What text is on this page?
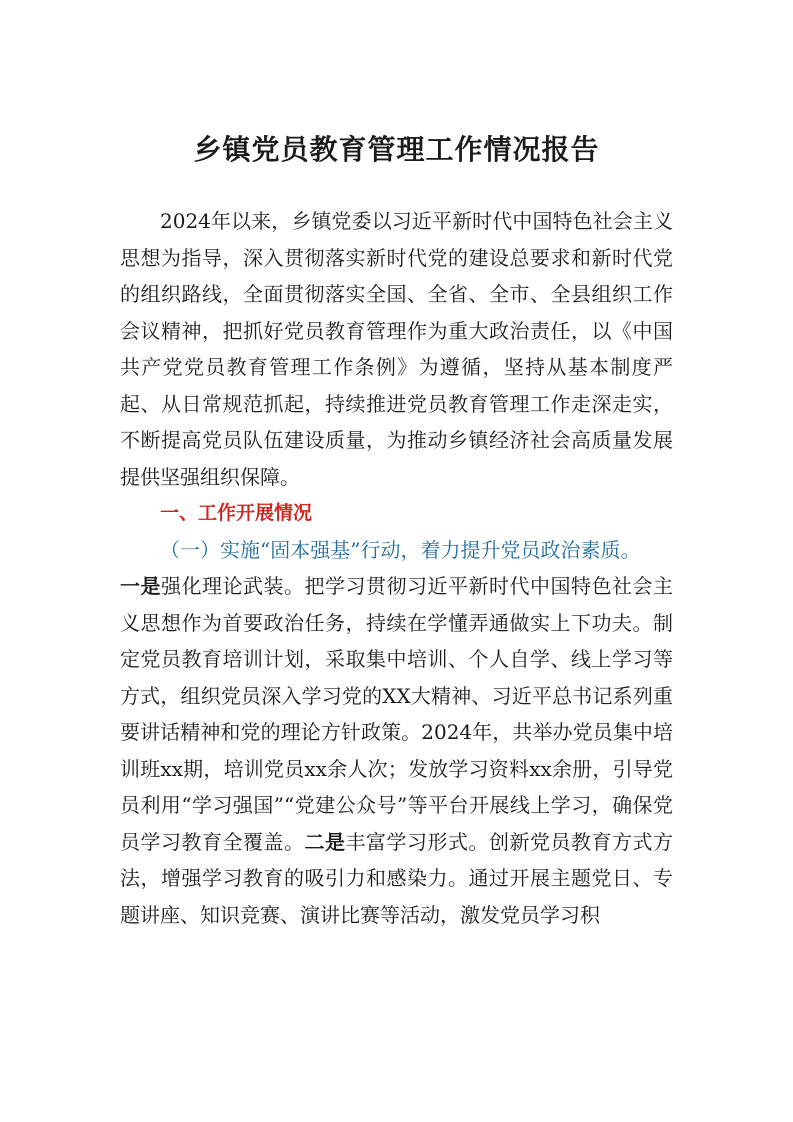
乡镇党员教育管理工作情况报告

2024年以来，乡镇党委以习近平新时代中国特色社会主义思想为指导，深入贯彻落实新时代党的建设总要求和新时代党的组织路线，全面贯彻落实全国、全省、全市、全县组织工作会议精神，把抓好党员教育管理作为重大政治责任，以《中国共产党党员教育管理工作条例》为遵循，坚持从基本制度严起、从日常规范抓起，持续推进党员教育管理工作走深走实，不断提高党员队伍建设质量，为推动乡镇经济社会高质量发展提供坚强组织保障。

一、工作开展情况

（一）实施“固本强基”行动，着力提升党员政治素质。

一是强化理论武装。把学习贯彻习近平新时代中国特色社会主义思想作为首要政治任务，持续在学懂弄通做实上下功夫。制定党员教育培训计划，采取集中培训、个人自学、线上学习等方式，组织党员深入学习党的XX大精神、习近平总书记系列重要讲话精神和党的理论方针政策。2024年，共举办党员集中培训班xx期，培训党员xx余人次；发放学习资料xx余册，引导党员利用“学习强国”“党建公众号”等平台开展线上学习，确保党员学习教育全覆盖。二是丰富学习形式。创新党员教育方式方法，增强学习教育的吸引力和感染力。通过开展主题党日、专题讲座、知识竞赛、演讲比赛等活动，激发党员学习积
